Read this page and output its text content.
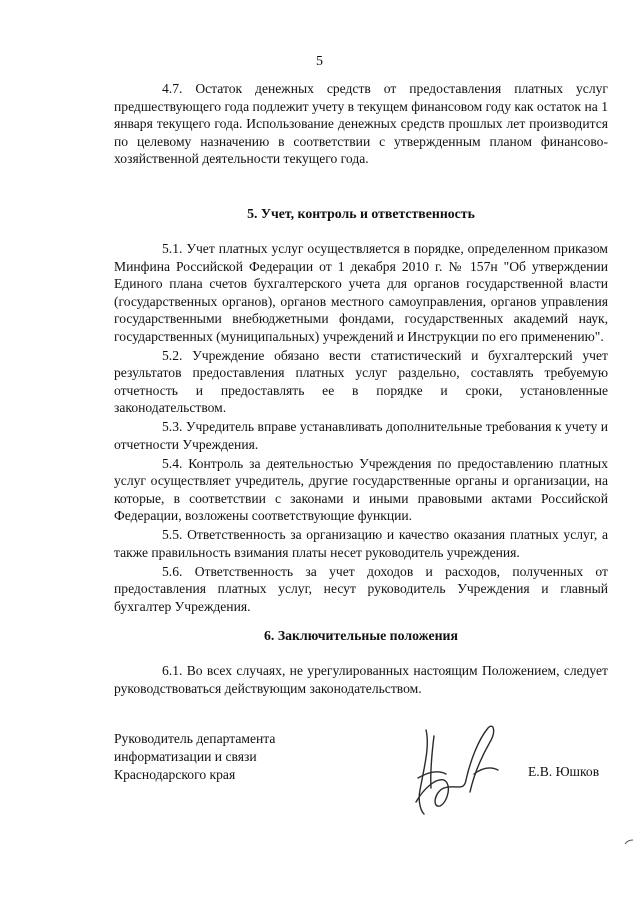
5

4.7. Остаток денежных средств от предоставления платных услуг предшествующего года подлежит учету в текущем финансовом году как остаток на 1 января текущего года. Использование денежных средств прошлых лет производится по целевому назначению в соответствии с утвержденным планом финансово-хозяйственной деятельности текущего года.

5. Учет, контроль и ответственность

5.1. Учет платных услуг осуществляется в порядке, определенном приказом Минфина Российской Федерации от 1 декабря 2010 г. № 157н "Об утверждении Единого плана счетов бухгалтерского учета для органов государственной власти (государственных органов), органов местного самоуправления, органов управления государственными внебюджетными фондами, государственных академий наук, государственных (муниципальных) учреждений и Инструкции по его применению".

5.2. Учреждение обязано вести статистический и бухгалтерский учет результатов предоставления платных услуг раздельно, составлять требуемую отчетность и предоставлять ее в порядке и сроки, установленные законодательством.

5.3. Учредитель вправе устанавливать дополнительные требования к учету и отчетности Учреждения.

5.4. Контроль за деятельностью Учреждения по предоставлению платных услуг осуществляет учредитель, другие государственные органы и организации, на которые, в соответствии с законами и иными правовыми актами Российской Федерации, возложены соответствующие функции.

5.5. Ответственность за организацию и качество оказания платных услуг, а также правильность взимания платы несет руководитель учреждения.

5.6. Ответственность за учет доходов и расходов, полученных от предоставления платных услуг, несут руководитель Учреждения и главный бухгалтер Учреждения.

6. Заключительные положения

6.1. Во всех случаях, не урегулированных настоящим Положением, следует руководствоваться действующим законодательством.

Руководитель департамента
информатизации и связи
Краснодарского края	Е.В. Юшков
